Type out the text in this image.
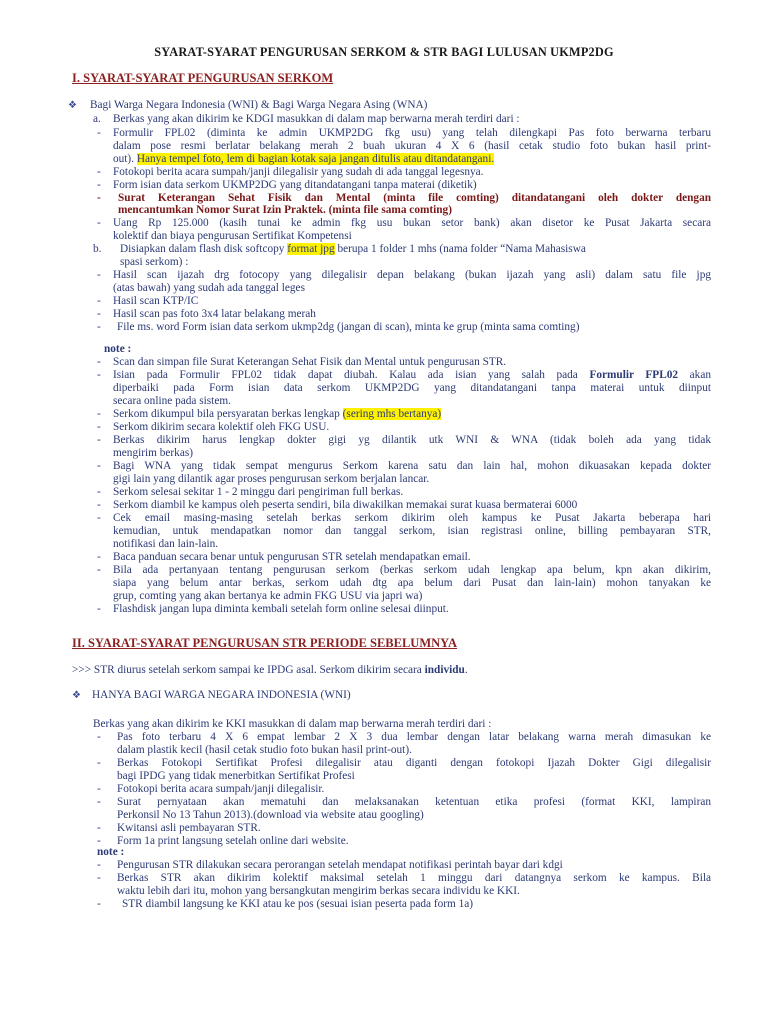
SYARAT-SYARAT PENGURUSAN SERKOM & STR BAGI LULUSAN UKMP2DG
I. SYARAT-SYARAT PENGURUSAN SERKOM
❖ Bagi Warga Negara Indonesia (WNI) & Bagi Warga Negara Asing (WNA)
a. Berkas yang akan dikirim ke KDGI masukkan di dalam map berwarna merah terdiri dari :
- Formulir FPL02 (diminta ke admin UKMP2DG fkg usu) yang telah dilengkapi Pas foto berwarna terbaru
dalam pose resmi berlatar belakang merah 2 buah ukuran 4 X 6 (hasil cetak studio foto bukan hasil print-
out). Hanya tempel foto, lem di bagian kotak saja jangan ditulis atau ditandatangani.
- Fotokopi berita acara sumpah/janji dilegalisir yang sudah di ada tanggal legesnya.
- Form isian data serkom UKMP2DG yang ditandatangani tanpa materai (diketik)
- Surat Keterangan Sehat Fisik dan Mental (minta file comting) ditandatangani oleh dokter dengan
mencantumkan Nomor Surat Izin Praktek. (minta file sama comting)
- Uang Rp 125.000 (kasih tunai ke admin fkg usu bukan setor bank) akan disetor ke Pusat Jakarta secara
kolektif dan biaya pengurusan Sertifikat Kompetensi
b. Disiapkan dalam flash disk softcopy format jpg berupa 1 folder 1 mhs (nama folder “Nama Mahasiswa
spasi serkom) :
- Hasil scan ijazah drg fotocopy yang dilegalisir depan belakang (bukan ijazah yang asli) dalam satu file jpg
(atas bawah) yang sudah ada tanggal leges
- Hasil scan KTP/IC
- Hasil scan pas foto 3x4 latar belakang merah
- File ms. word Form isian data serkom ukmp2dg (jangan di scan), minta ke grup (minta sama comting)
note :
- Scan dan simpan file Surat Keterangan Sehat Fisik dan Mental untuk pengurusan STR.
- Isian pada Formulir FPL02 tidak dapat diubah. Kalau ada isian yang salah pada Formulir FPL02 akan
diperbaiki pada Form isian data serkom UKMP2DG yang ditandatangani tanpa materai untuk diinput
secara online pada sistem.
- Serkom dikumpul bila persyaratan berkas lengkap (sering mhs bertanya)
- Serkom dikirim secara kolektif oleh FKG USU.
- Berkas dikirim harus lengkap dokter gigi yg dilantik utk WNI & WNA (tidak boleh ada yang tidak
mengirim berkas)
- Bagi WNA yang tidak sempat mengurus Serkom karena satu dan lain hal, mohon dikuasakan kepada dokter
gigi lain yang dilantik agar proses pengurusan serkom berjalan lancar.
- Serkom selesai sekitar 1 - 2 minggu dari pengiriman full berkas.
- Serkom diambil ke kampus oleh peserta sendiri, bila diwakilkan memakai surat kuasa bermaterai 6000
- Cek email masing-masing setelah berkas serkom dikirim oleh kampus ke Pusat Jakarta beberapa hari
kemudian, untuk mendapatkan nomor dan tanggal serkom, isian registrasi online, billing pembayaran STR,
notifikasi dan lain-lain.
- Baca panduan secara benar untuk pengurusan STR setelah mendapatkan email.
- Bila ada pertanyaan tentang pengurusan serkom (berkas serkom udah lengkap apa belum, kpn akan dikirim,
siapa yang belum antar berkas, serkom udah dtg apa belum dari Pusat dan lain-lain) mohon tanyakan ke
grup, comting yang akan bertanya ke admin FKG USU via japri wa)
- Flashdisk jangan lupa diminta kembali setelah form online selesai diinput.
II. SYARAT-SYARAT PENGURUSAN STR PERIODE SEBELUMNYA
>>> STR diurus setelah serkom sampai ke IPDG asal. Serkom dikirim secara individu.
❖ HANYA BAGI WARGA NEGARA INDONESIA (WNI)
Berkas yang akan dikirim ke KKI masukkan di dalam map berwarna merah terdiri dari :
- Pas foto terbaru 4 X 6 empat lembar 2 X 3 dua lembar dengan latar belakang warna merah dimasukan ke
dalam plastik kecil (hasil cetak studio foto bukan hasil print-out).
- Berkas Fotokopi Sertifikat Profesi dilegalisir atau diganti dengan fotokopi Ijazah Dokter Gigi dilegalisir
bagi IPDG yang tidak menerbitkan Sertifikat Profesi
- Fotokopi berita acara sumpah/janji dilegalisir.
- Surat pernyataan akan mematuhi dan melaksanakan ketentuan etika profesi (format KKI, lampiran
Perkonsil No 13 Tahun 2013).(download via website atau googling)
- Kwitansi asli pembayaran STR.
- Form 1a print langsung setelah online dari website.
note :
- Pengurusan STR dilakukan secara perorangan setelah mendapat notifikasi perintah bayar dari kdgi
- Berkas STR akan dikirim kolektif maksimal setelah 1 minggu dari datangnya serkom ke kampus. Bila
waktu lebih dari itu, mohon yang bersangkutan mengirim berkas secara individu ke KKI.
- STR diambil langsung ke KKI atau ke pos (sesuai isian peserta pada form 1a)
